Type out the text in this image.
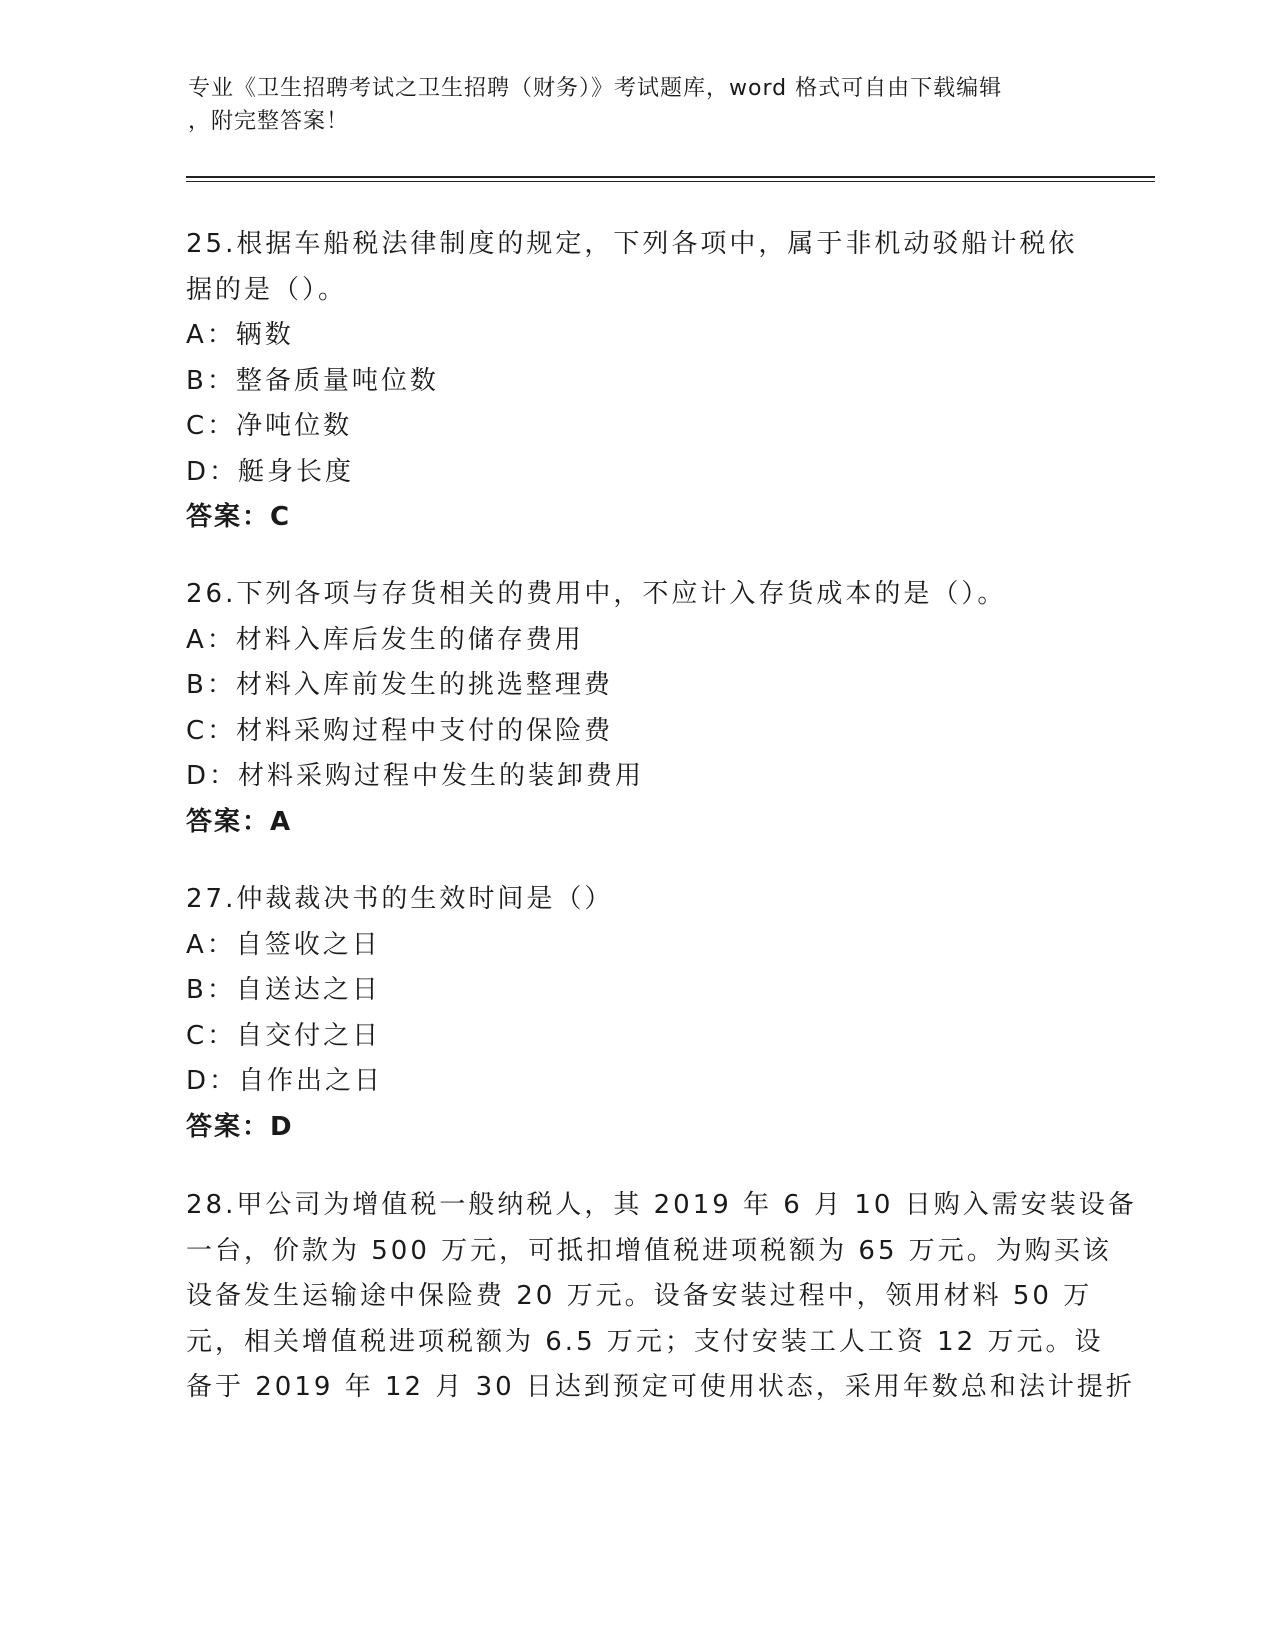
专业《卫生招聘考试之卫生招聘（财务）》考试题库，word 格式可自由下载编辑
，附完整答案！
25.根据车船税法律制度的规定，下列各项中，属于非机动驳船计税依
据的是（）。
A：辆数
B：整备质量吨位数
C：净吨位数
D：艇身长度
答案：C
26.下列各项与存货相关的费用中，不应计入存货成本的是（）。
A：材料入库后发生的储存费用
B：材料入库前发生的挑选整理费
C：材料采购过程中支付的保险费
D：材料采购过程中发生的装卸费用
答案：A
27.仲裁裁决书的生效时间是（）
A：自签收之日
B：自送达之日
C：自交付之日
D：自作出之日
答案：D
28.甲公司为增值税一般纳税人，其 2019 年 6 月 10 日购入需安装设备
一台，价款为 500 万元，可抵扣增值税进项税额为 65 万元。为购买该
设备发生运输途中保险费 20 万元。设备安装过程中，领用材料 50 万
元，相关增值税进项税额为 6.5 万元；支付安装工人工资 12 万元。设
备于 2019 年 12 月 30 日达到预定可使用状态，采用年数总和法计提折
